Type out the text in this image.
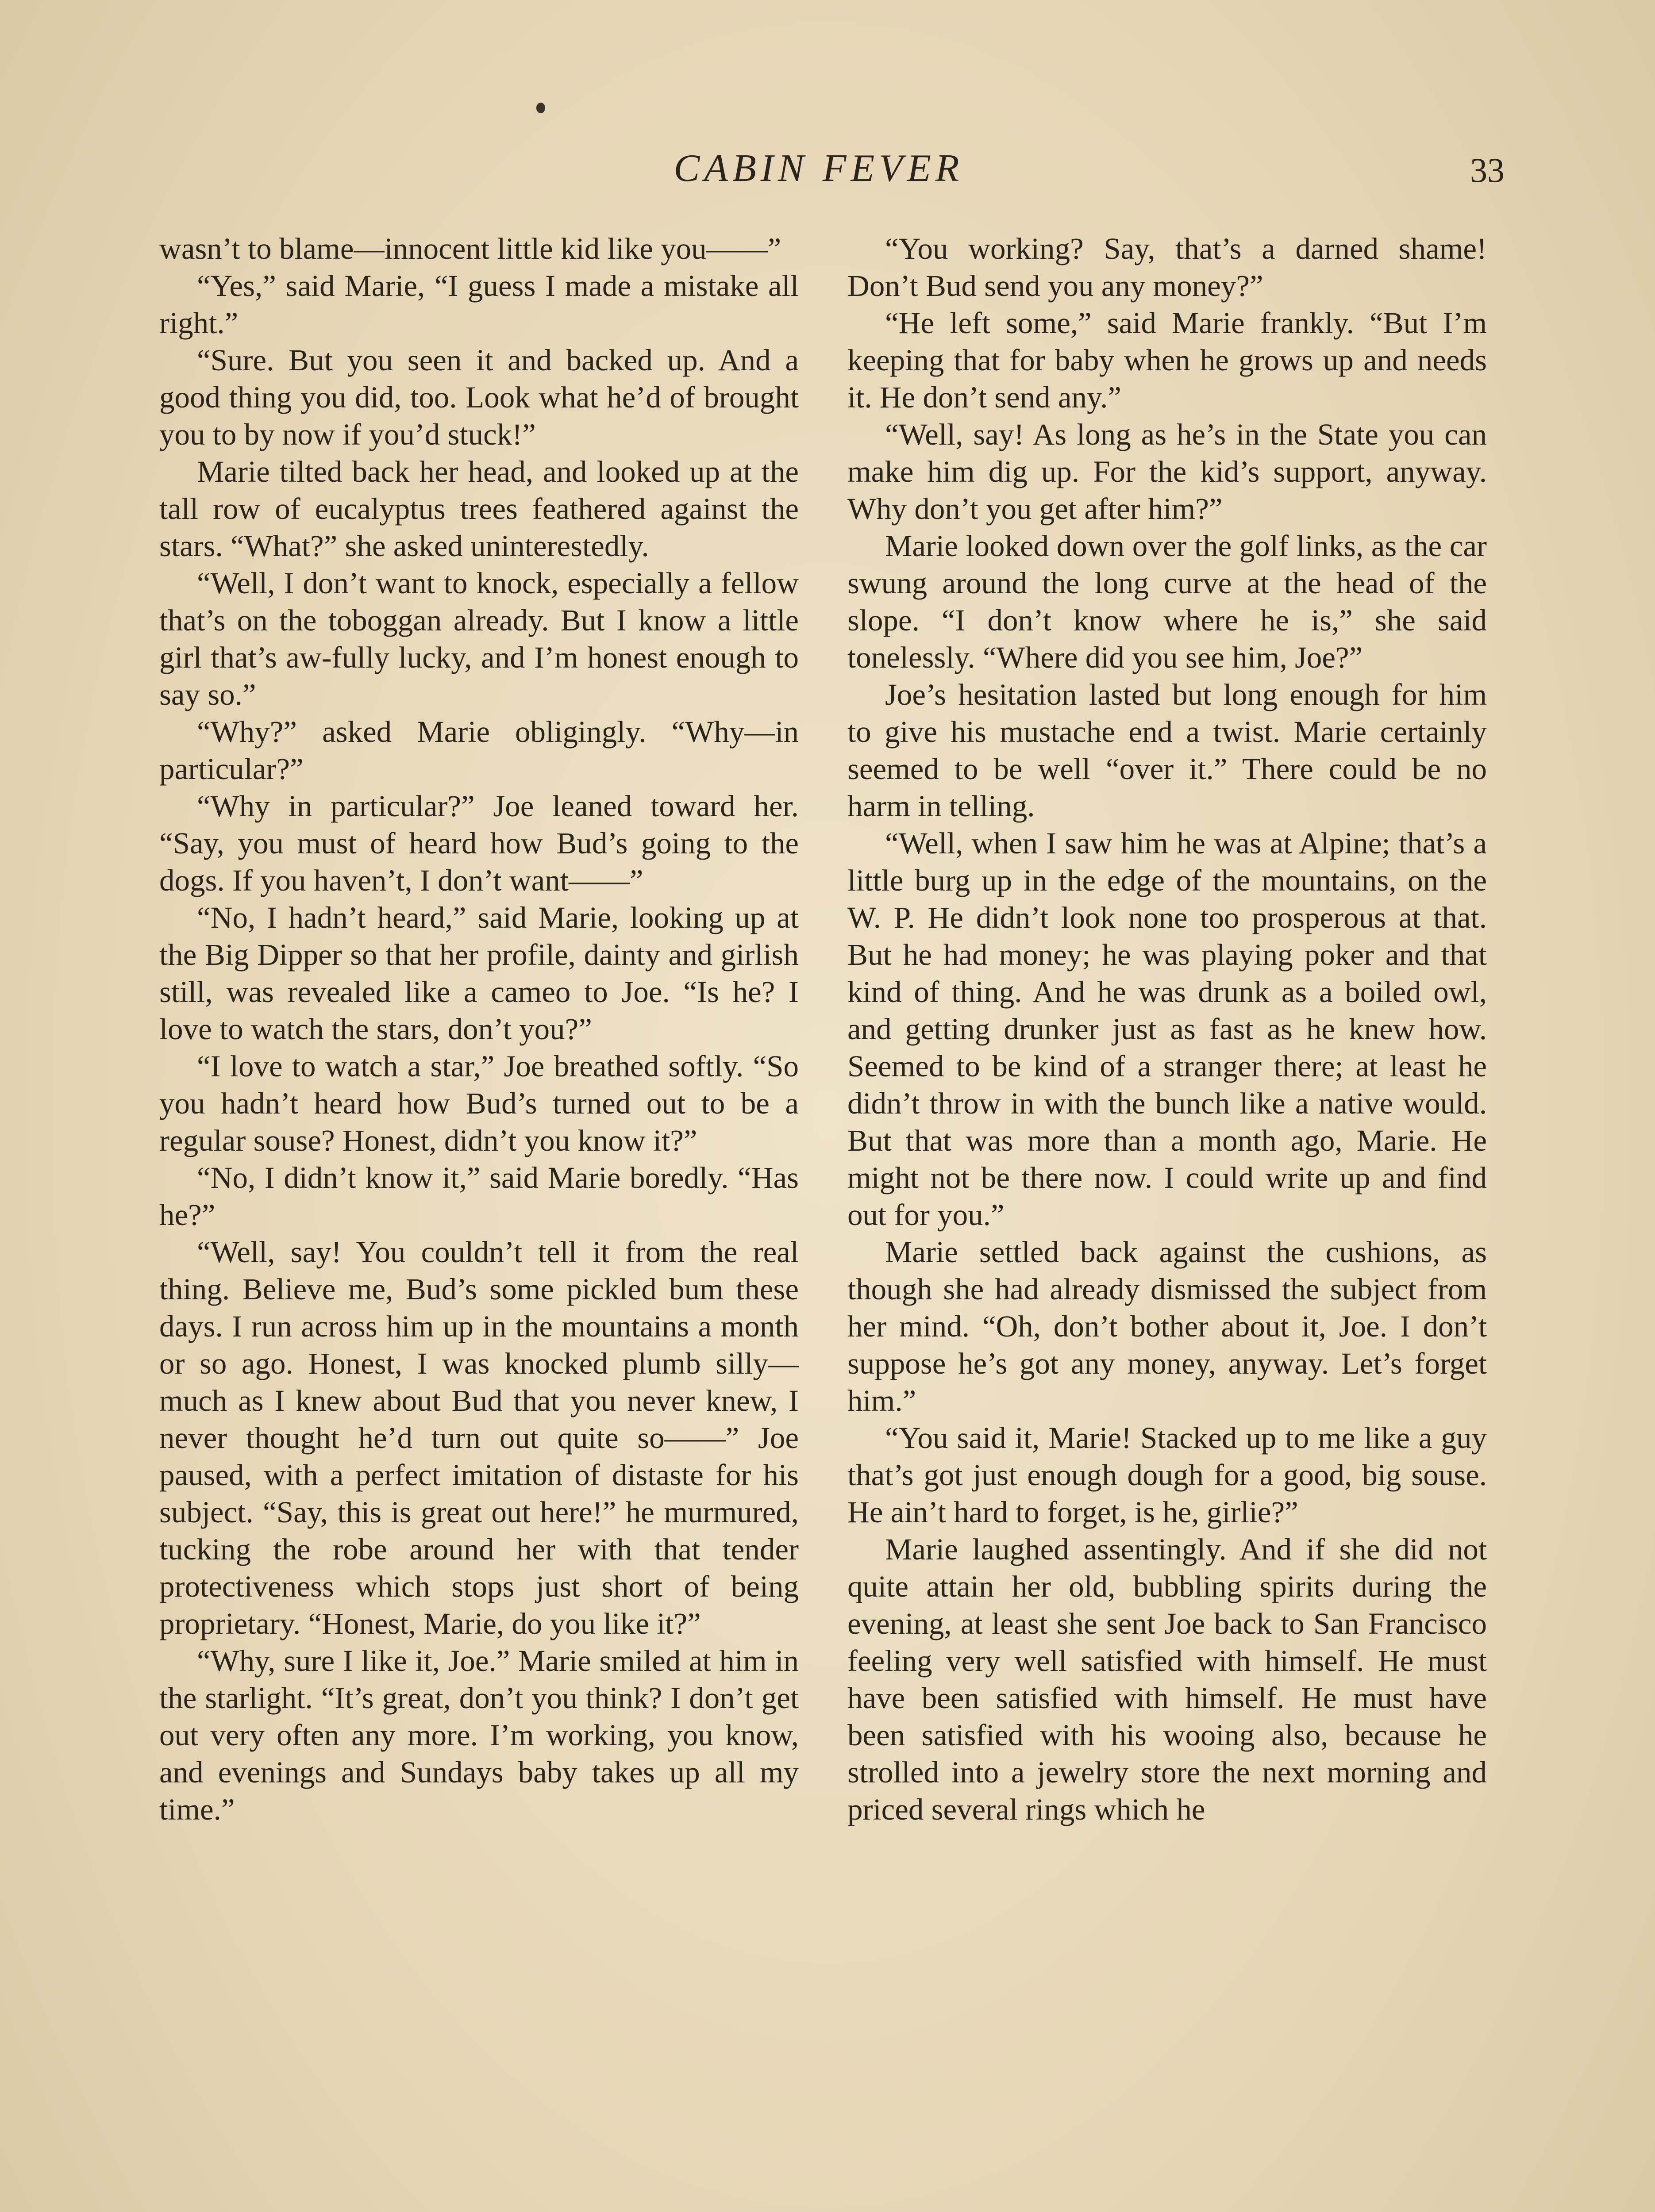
CABIN FEVER	33

wasn’t to blame—innocent little kid like you——”

“Yes,” said Marie, “I guess I made a mistake all right.”

“Sure. But you seen it and backed up. And a good thing you did, too. Look what he’d of brought you to by now if you’d stuck!”

Marie tilted back her head, and looked up at the tall row of eucalyptus trees feathered against the stars. “What?” she asked uninterestedly.

“Well, I don’t want to knock, especially a fellow that’s on the toboggan already. But I know a little girl that’s aw-fully lucky, and I’m honest enough to say so.”

“Why?” asked Marie obligingly. “Why—in particular?”

“Why in particular?” Joe leaned toward her. “Say, you must of heard how Bud’s going to the dogs. If you haven’t, I don’t want——”

“No, I hadn’t heard,” said Marie, looking up at the Big Dipper so that her profile, dainty and girlish still, was revealed like a cameo to Joe. “Is he? I love to watch the stars, don’t you?”

“I love to watch a star,” Joe breathed softly. “So you hadn’t heard how Bud’s turned out to be a regular souse? Honest, didn’t you know it?”

“No, I didn’t know it,” said Marie boredly. “Has he?”

“Well, say! You couldn’t tell it from the real thing. Believe me, Bud’s some pickled bum these days. I run across him up in the mountains a month or so ago. Honest, I was knocked plumb silly—much as I knew about Bud that you never knew, I never thought he’d turn out quite so——” Joe paused, with a perfect imitation of distaste for his subject. “Say, this is great out here!” he murmured, tucking the robe around her with that tender protectiveness which stops just short of being proprietary. “Honest, Marie, do you like it?”

“Why, sure I like it, Joe.” Marie smiled at him in the starlight. “It’s great, don’t you think? I don’t get out very often any more. I’m working, you know, and evenings and Sundays baby takes up all my time.”

“You working? Say, that’s a darned shame! Don’t Bud send you any money?”

“He left some,” said Marie frankly. “But I’m keeping that for baby when he grows up and needs it. He don’t send any.”

“Well, say! As long as he’s in the State you can make him dig up. For the kid’s support, anyway. Why don’t you get after him?”

Marie looked down over the golf links, as the car swung around the long curve at the head of the slope. “I don’t know where he is,” she said tonelessly. “Where did you see him, Joe?”

Joe’s hesitation lasted but long enough for him to give his mustache end a twist. Marie certainly seemed to be well “over it.” There could be no harm in telling.

“Well, when I saw him he was at Alpine; that’s a little burg up in the edge of the mountains, on the W. P. He didn’t look none too prosperous at that. But he had money; he was playing poker and that kind of thing. And he was drunk as a boiled owl, and getting drunker just as fast as he knew how. Seemed to be kind of a stranger there; at least he didn’t throw in with the bunch like a native would. But that was more than a month ago, Marie. He might not be there now. I could write up and find out for you.”

Marie settled back against the cushions, as though she had already dismissed the subject from her mind. “Oh, don’t bother about it, Joe. I don’t suppose he’s got any money, anyway. Let’s forget him.”

“You said it, Marie! Stacked up to me like a guy that’s got just enough dough for a good, big souse. He ain’t hard to forget, is he, girlie?”

Marie laughed assentingly. And if she did not quite attain her old, bubbling spirits during the evening, at least she sent Joe back to San Francisco feeling very well satisfied with himself. He must have been satisfied with himself. He must have been satisfied with his wooing also, because he strolled into a jewelry store the next morning and priced several rings which he
